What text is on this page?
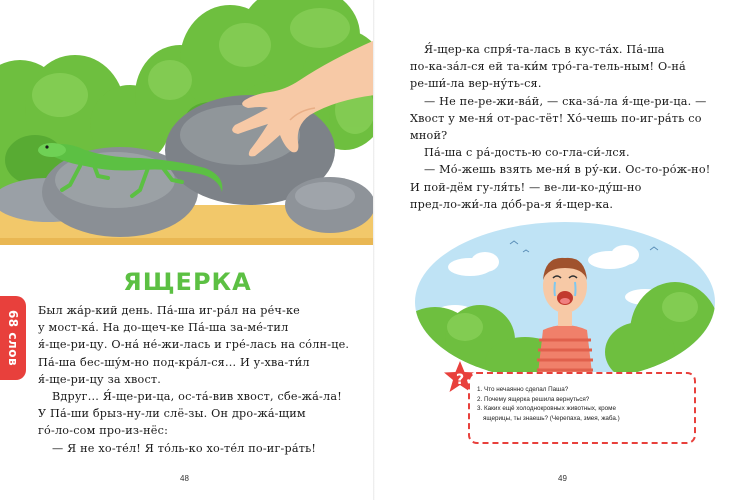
68 слов
ЯЩЕРКА

Был жа́р-кий день. Па́-ша иг-ра́л на ре́ч-ке

у мост-ка́. На до-щеч-ке Па́-ша за-ме́-тил

я́-ще-ри-цу. О-на́ не́-жи-лась и гре́-лась на со́лн-це.

Па́-ша бес-шу́м-но под-кра́л-ся... И у-хва-ти́л

я́-ще-ри-цу за хвост.

Вдруг... Я́-ще-ри-ца, ос-та́-вив хвост, сбе-жа́-ла!

У Па́-ши брыз-ну-ли слё-зы. Он дро-жа́-щим

го́-ло-сом про-из-нёс:

— Я не хо-те́л! Я то́ль-ко хо-те́л по-иг-ра́ть!

48

Я́-щер-ка спря́-та-лась в кус-та́х. Па́-ша

по-ка-за́л-ся ей та-ки́м тро́-га-тель-ным! О-на́

ре-ши́-ла вер-ну́ть-ся.

— Не пе-ре-жи-ва́й, — ска-за́-ла я́-ще-ри-ца. —

Хвост у ме-ня́ от-рас-тёт! Хо́-чешь по-иг-ра́ть со

мной?

Па́-ша с ра́-дость-ю со-гла-си́-лся.

— Мо́-жешь взять ме-ня́ в ру́-ки. Ос-то-ро́ж-но!

И пой-дём гу-ля́ть! — ве-ли-ко-ду́ш-но

пред-ло-жи́-ла до́б-ра-я я́-щер-ка.

?

1. Что нечаянно сделал Паша?

2. Почему ящерка решила вернуться?

3. Каких ещё холоднокровных животных, кроме

ящерицы, ты знаешь? (Черепаха, змея, жаба.)

49
